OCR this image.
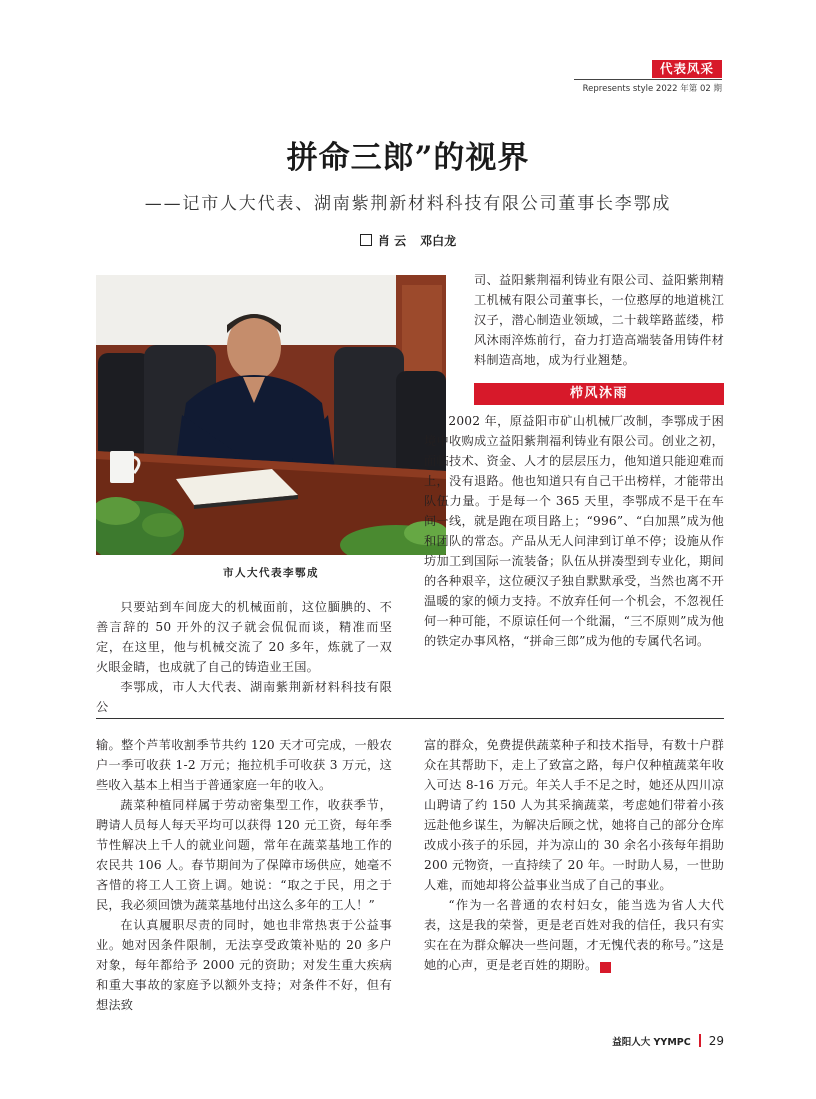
代表风采
Represents style 2022 年第 02 期
拼命三郎”的视界
——记市人大代表、湖南紫荆新材料科技有限公司董事长李鄂成
肖 云 邓白龙
市人大代表李鄂成

只要站到车间庞大的机械面前，这位腼腆的、不善言辞的 50 开外的汉子就会侃侃而谈，精准而坚定，在这里，他与机械交流了 20 多年，炼就了一双火眼金睛，也成就了自己的铸造业王国。

李鄂成，市人大代表、湖南紫荆新材料科技有限公

司、益阳紫荆福利铸业有限公司、益阳紫荆精工机械有限公司董事长，一位憨厚的地道桃江汉子，潜心制造业领域，二十载筚路蓝缕，栉风沐雨淬炼前行，奋力打造高端装备用铸件材料制造高地，成为行业翘楚。

栉风沐雨

2002 年，原益阳市矿山机械厂改制，李鄂成于困境中收购成立益阳紫荆福利铸业有限公司。创业之初，面临技术、资金、人才的层层压力，他知道只能迎难而上，没有退路。他也知道只有自己干出榜样，才能带出队伍力量。于是每一个 365 天里，李鄂成不是干在车间一线，就是跑在项目路上；“996”、“白加黑”成为他和团队的常态。产品从无人问津到订单不停；设施从作坊加工到国际一流装备；队伍从拼凑型到专业化，期间的各种艰辛，这位硬汉子独自默默承受，当然也离不开温暖的家的倾力支持。不放弃任何一个机会，不忽视任何一种可能，不原谅任何一个纰漏，“三不原则”成为他的铁定办事风格，“拼命三郎”成为他的专属代名词。

输。整个芦苇收割季节共约 120 天才可完成，一般农户一季可收获 1-2 万元；拖拉机手可收获 3 万元，这些收入基本上相当于普通家庭一年的收入。

蔬菜种植同样属于劳动密集型工作，收获季节，聘请人员每人每天平均可以获得 120 元工资，每年季节性解决上千人的就业问题，常年在蔬菜基地工作的农民共 106 人。春节期间为了保障市场供应，她毫不吝惜的将工人工资上调。她说：“取之于民，用之于民，我必须回馈为蔬菜基地付出这么多年的工人！”

在认真履职尽责的同时，她也非常热衷于公益事业。她对因条件限制，无法享受政策补贴的 20 多户对象，每年都给予 2000 元的资助；对发生重大疾病和重大事故的家庭予以额外支持；对条件不好，但有想法致

富的群众，免费提供蔬菜种子和技术指导，有数十户群众在其帮助下，走上了致富之路，每户仅种植蔬菜年收入可达 8-16 万元。年关人手不足之时，她还从四川凉山聘请了约 150 人为其采摘蔬菜，考虑她们带着小孩远赴他乡谋生，为解决后顾之忧，她将自己的部分仓库改成小孩子的乐园，并为凉山的 30 余名小孩每年捐助 200 元物资，一直持续了 20 年。一时助人易，一世助人难，而她却将公益事业当成了自己的事业。

“作为一名普通的农村妇女，能当选为省人大代表，这是我的荣誉，更是老百姓对我的信任，我只有实实在在为群众解决一些问题，才无愧代表的称号。”这是她的心声，更是老百姓的期盼。	文

益阳人大 YYMPC 29
